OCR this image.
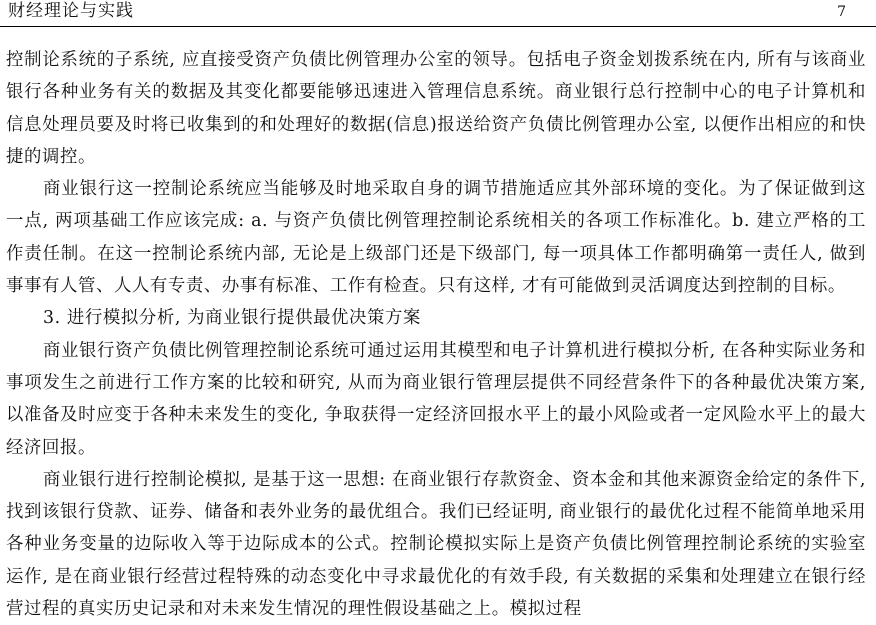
财经理论与实践	7

控制论系统的子系统, 应直接受资产负债比例管理办公室的领导。包括电子资金划拨系统在内, 所有与该商业银行各种业务有关的数据及其变化都要能够迅速进入管理信息系统。商业银行总行控制中心的电子计算机和信息处理员要及时将已收集到的和处理好的数据(信息)报送给资产负债比例管理办公室, 以便作出相应的和快捷的调控。

商业银行这一控制论系统应当能够及时地采取自身的调节措施适应其外部环境的变化。为了保证做到这一点, 两项基础工作应该完成: a. 与资产负债比例管理控制论系统相关的各项工作标准化。b. 建立严格的工作责任制。在这一控制论系统内部, 无论是上级部门还是下级部门, 每一项具体工作都明确第一责任人, 做到事事有人管、人人有专责、办事有标准、工作有检查。只有这样, 才有可能做到灵活调度达到控制的目标。

3. 进行模拟分析, 为商业银行提供最优决策方案

商业银行资产负债比例管理控制论系统可通过运用其模型和电子计算机进行模拟分析, 在各种实际业务和事项发生之前进行工作方案的比较和研究, 从而为商业银行管理层提供不同经营条件下的各种最优决策方案, 以准备及时应变于各种未来发生的变化, 争取获得一定经济回报水平上的最小风险或者一定风险水平上的最大经济回报。

商业银行进行控制论模拟, 是基于这一思想: 在商业银行存款资金、资本金和其他来源资金给定的条件下, 找到该银行贷款、证券、储备和表外业务的最优组合。我们已经证明, 商业银行的最优化过程不能简单地采用各种业务变量的边际收入等于边际成本的公式。控制论模拟实际上是资产负债比例管理控制论系统的实验室运作, 是在商业银行经营过程特殊的动态变化中寻求最优化的有效手段, 有关数据的采集和处理建立在银行经营过程的真实历史记录和对未来发生情况的理性假设基础之上。模拟过程
